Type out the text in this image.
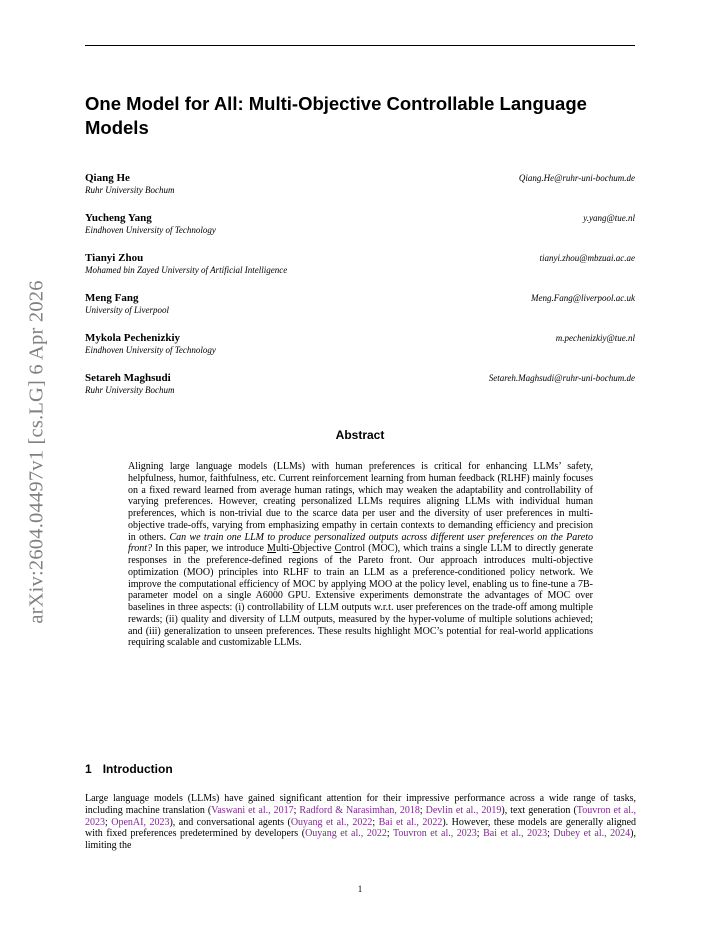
arXiv:2604.04497v1 [cs.LG] 6 Apr 2026
One Model for All: Multi-Objective Controllable Language Models
Qiang He
Ruhr University Bochum
Qiang.He@ruhr-uni-bochum.de
Yucheng Yang
Eindhoven University of Technology
y.yang@tue.nl
Tianyi Zhou
Mohamed bin Zayed University of Artificial Intelligence
tianyi.zhou@mbzuai.ac.ae
Meng Fang
University of Liverpool
Meng.Fang@liverpool.ac.uk
Mykola Pechenizkiy
Eindhoven University of Technology
m.pechenizkiy@tue.nl
Setareh Maghsudi
Ruhr University Bochum
Setareh.Maghsudi@ruhr-uni-bochum.de
Abstract

Aligning large language models (LLMs) with human preferences is critical for enhancing LLMs’ safety, helpfulness, humor, faithfulness, etc. Current reinforcement learning from human feedback (RLHF) mainly focuses on a fixed reward learned from average human ratings, which may weaken the adaptability and controllability of varying preferences. However, creating personalized LLMs requires aligning LLMs with individual human preferences, which is non-trivial due to the scarce data per user and the diversity of user preferences in multi-objective trade-offs, varying from emphasizing empathy in certain contexts to demanding efficiency and precision in others. Can we train one LLM to produce personalized outputs across different user preferences on the Pareto front? In this paper, we introduce Multi-Objective Control (MOC), which trains a single LLM to directly generate responses in the preference-defined regions of the Pareto front. Our approach introduces multi-objective optimization (MOO) principles into RLHF to train an LLM as a preference-conditioned policy network. We improve the computational efficiency of MOC by applying MOO at the policy level, enabling us to fine-tune a 7B-parameter model on a single A6000 GPU. Extensive experiments demonstrate the advantages of MOC over baselines in three aspects: (i) controllability of LLM outputs w.r.t. user preferences on the trade-off among multiple rewards; (ii) quality and diversity of LLM outputs, measured by the hyper-volume of multiple solutions achieved; and (iii) generalization to unseen preferences. These results highlight MOC’s potential for real-world applications requiring scalable and customizable LLMs.

1 Introduction

Large language models (LLMs) have gained significant attention for their impressive performance across a wide range of tasks, including machine translation (Vaswani et al., 2017; Radford & Narasimhan, 2018; Devlin et al., 2019), text generation (Touvron et al., 2023; OpenAI, 2023), and conversational agents (Ouyang et al., 2022; Bai et al., 2022). However, these models are generally aligned with fixed preferences predetermined by developers (Ouyang et al., 2022; Touvron et al., 2023; Bai et al., 2023; Dubey et al., 2024), limiting the

1
